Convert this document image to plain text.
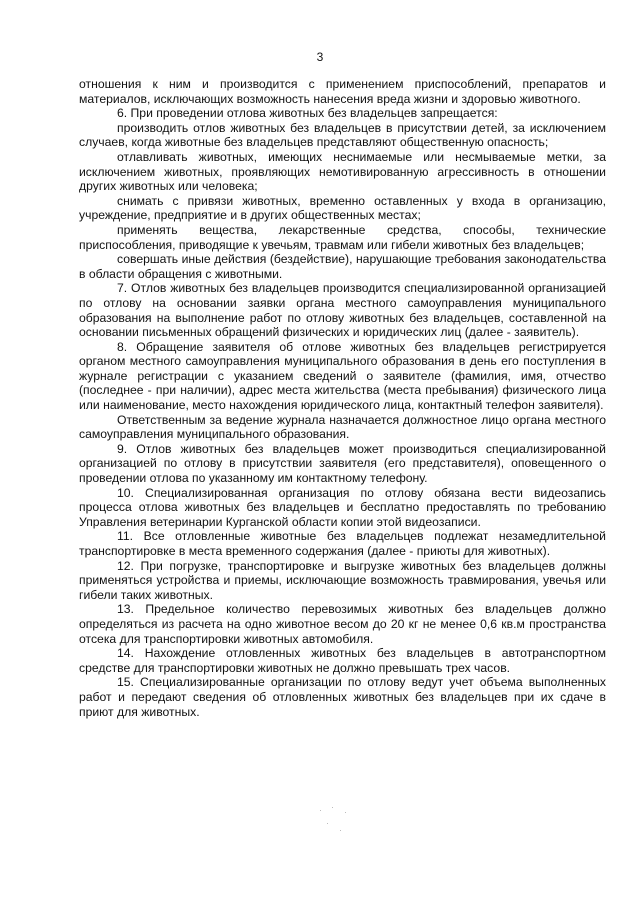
3

отношения к ним и производится с применением приспособлений, препаратов и материалов, исключающих возможность нанесения вреда жизни и здоровью животного.

6. При проведении отлова животных без владельцев запрещается:

производить отлов животных без владельцев в присутствии детей, за исключением случаев, когда животные без владельцев представляют общественную опасность;

отлавливать животных, имеющих неснимаемые или несмываемые метки, за исключением животных, проявляющих немотивированную агрессивность в отношении других животных или человека;

снимать с привязи животных, временно оставленных у входа в организацию, учреждение, предприятие и в других общественных местах;

применять вещества, лекарственные средства, способы, технические приспособления, приводящие к увечьям, травмам или гибели животных без владельцев;

совершать иные действия (бездействие), нарушающие требования законодательства в области обращения с животными.

7. Отлов животных без владельцев производится специализированной организацией по отлову на основании заявки органа местного самоуправления муниципального образования на выполнение работ по отлову животных без владельцев, составленной на основании письменных обращений физических и юридических лиц (далее - заявитель).

8. Обращение заявителя об отлове животных без владельцев регистрируется органом местного самоуправления муниципального образования в день его поступления в журнале регистрации с указанием сведений о заявителе (фамилия, имя, отчество (последнее - при наличии), адрес места жительства (места пребывания) физического лица или наименование, место нахождения юридического лица, контактный телефон заявителя).

Ответственным за ведение журнала назначается должностное лицо органа местного самоуправления муниципального образования.

9. Отлов животных без владельцев может производиться специализированной организацией по отлову в присутствии заявителя (его представителя), оповещенного о проведении отлова по указанному им контактному телефону.

10. Специализированная организация по отлову обязана вести видеозапись процесса отлова животных без владельцев и бесплатно предоставлять по требованию Управления ветеринарии Курганской области копии этой видеозаписи.

11. Все отловленные животные без владельцев подлежат незамедлительной транспортировке в места временного содержания (далее - приюты для животных).

12. При погрузке, транспортировке и выгрузке животных без владельцев должны применяться устройства и приемы, исключающие возможность травмирования, увечья или гибели таких животных.

13. Предельное количество перевозимых животных без владельцев должно определяться из расчета на одно животное весом до 20 кг не менее 0,6 кв.м пространства отсека для транспортировки животных автомобиля.

14. Нахождение отловленных животных без владельцев в автотранспортном средстве для транспортировки животных не должно превышать трех часов.

15. Специализированные организации по отлову ведут учет объема выполненных работ и передают сведения об отловленных животных без владельцев при их сдаче в приют для животных.
